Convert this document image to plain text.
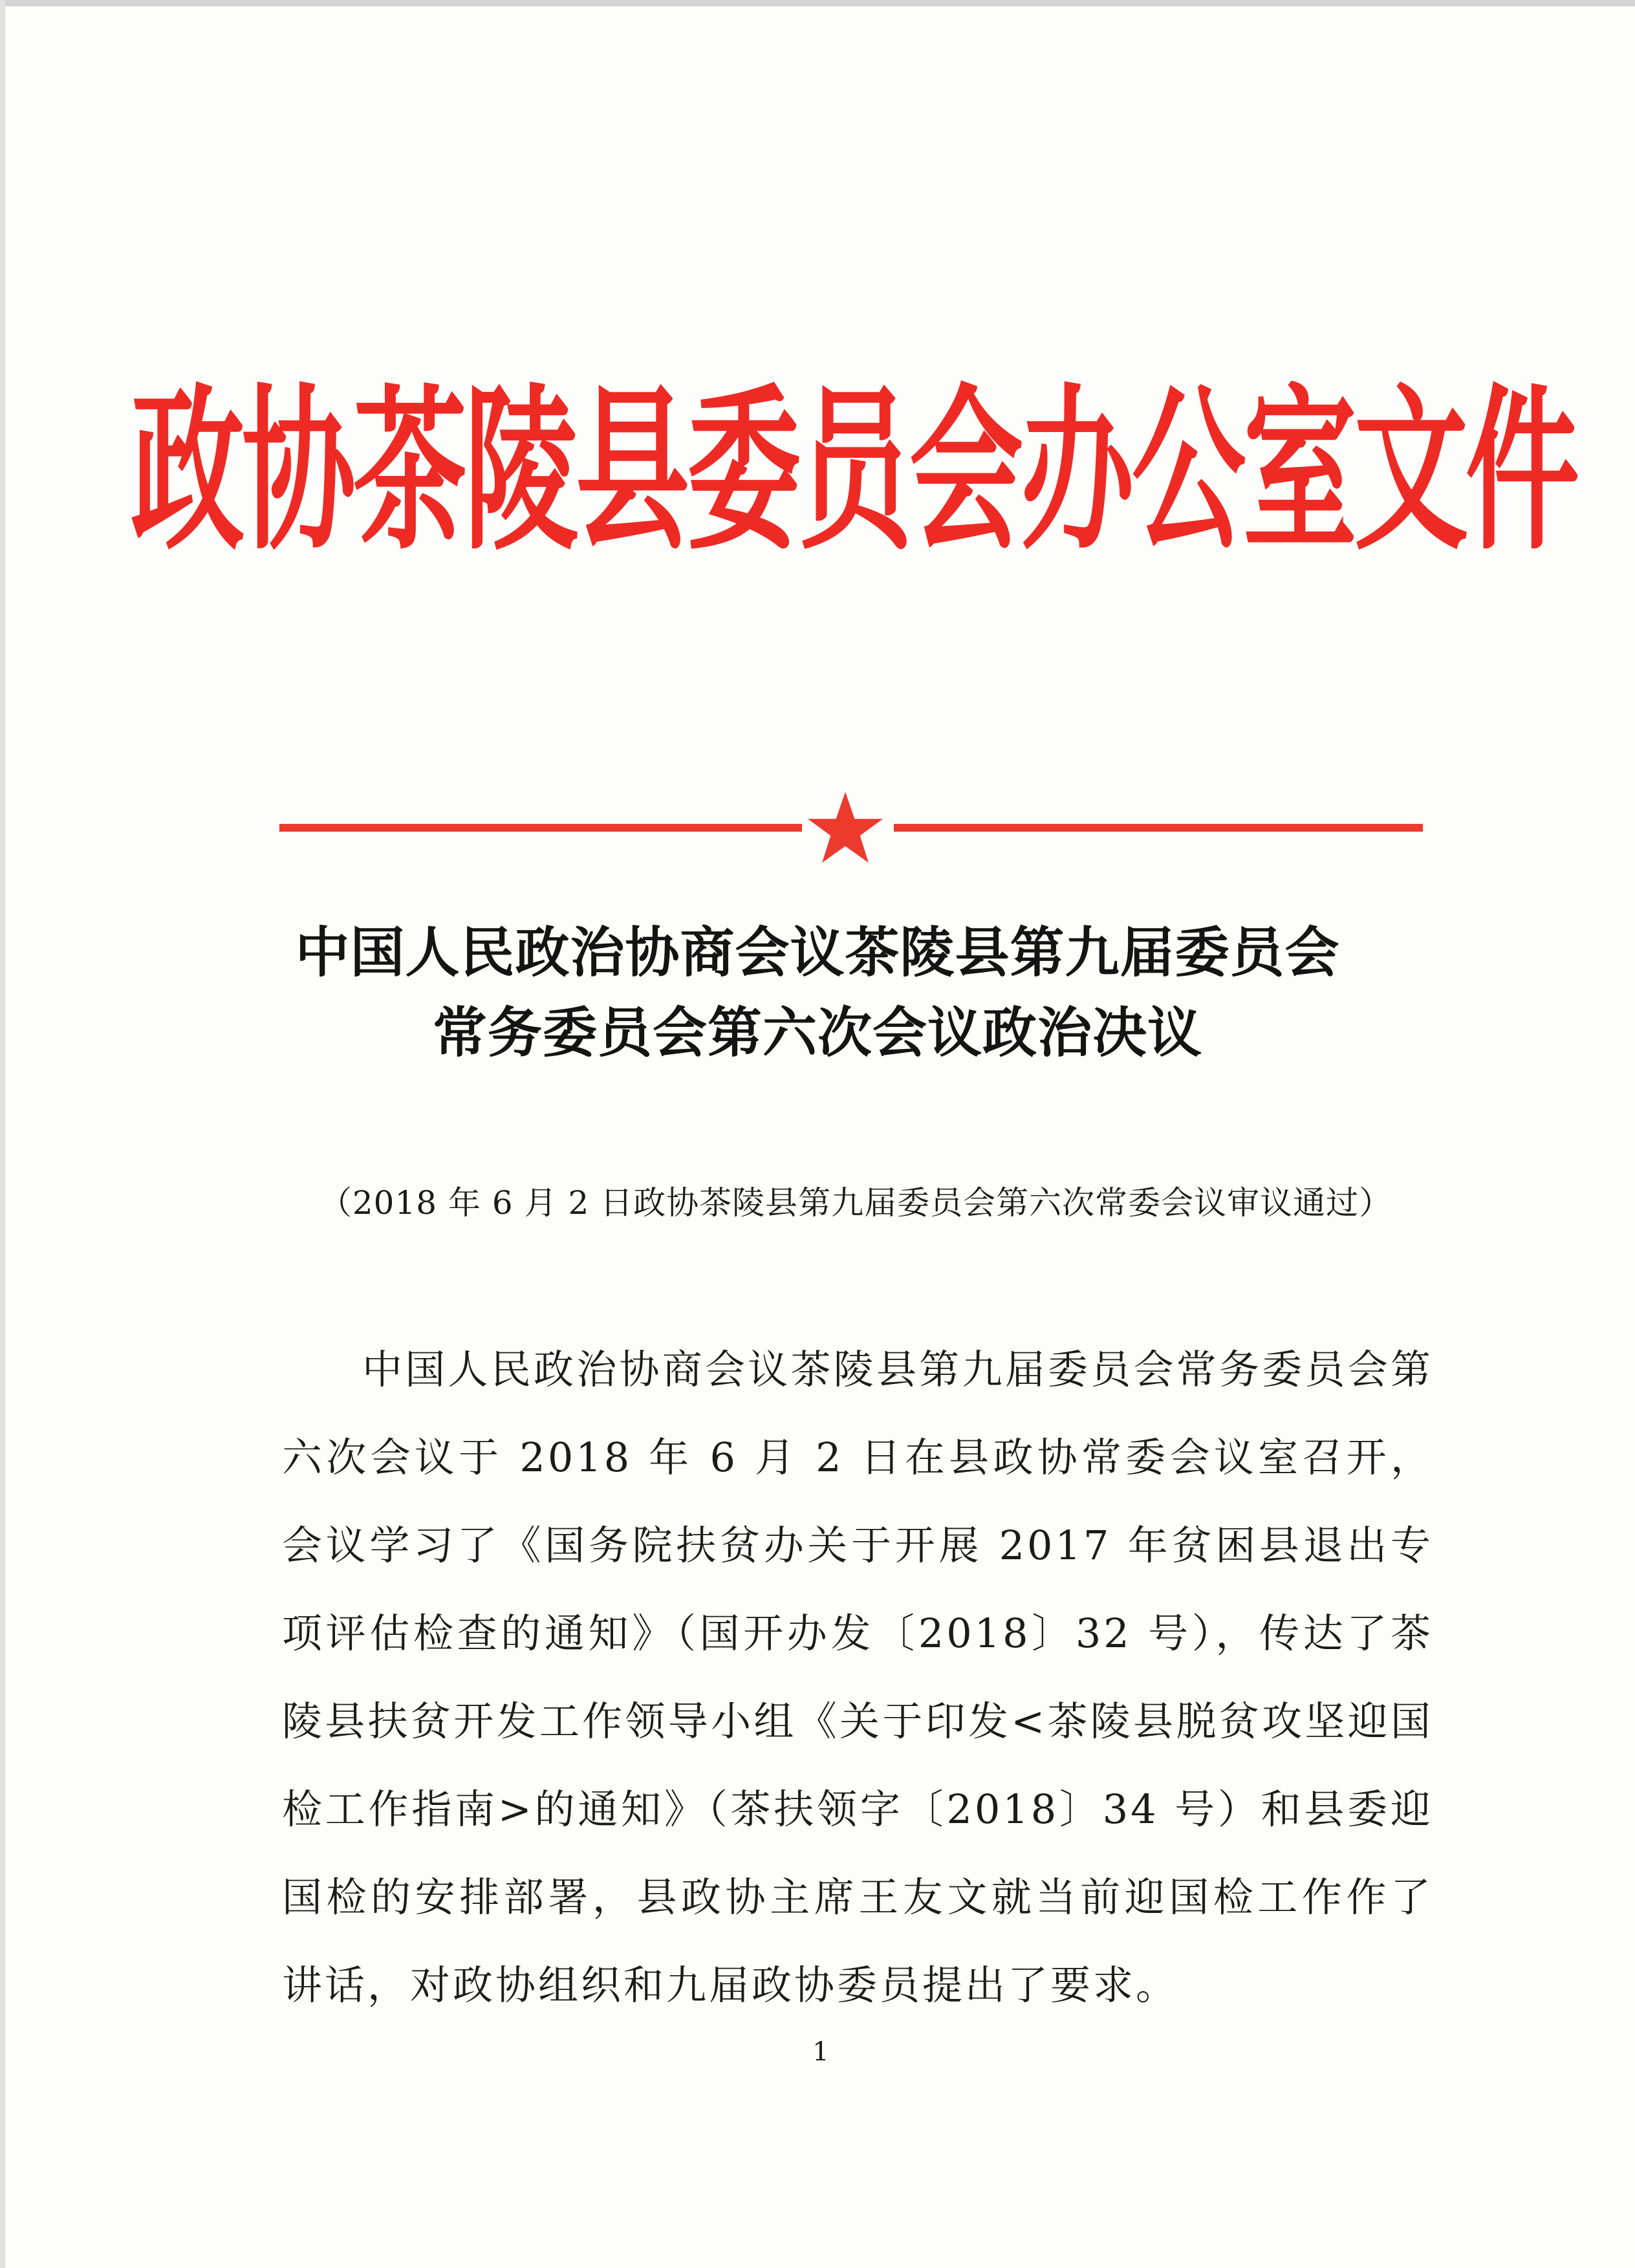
政协茶陵县委员会办公室文件
中国人民政治协商会议茶陵县第九届委员会
常务委员会第六次会议政治决议
（2018 年 6 月 2 日政协茶陵县第九届委员会第六次常委会议审议通过）

中国人民政治协商会议茶陵县第九届委员会常务委员会第六次会议于 2018 年 6 月 2 日在县政协常委会议室召开，会议学习了《国务院扶贫办关于开展 2017 年贫困县退出专项评估检查的通知》（国开办发〔2018〕32 号），传达了茶陵县扶贫开发工作领导小组《关于印发<茶陵县脱贫攻坚迎国检工作指南>的通知》（茶扶领字〔2018〕34 号）和县委迎国检的安排部署，县政协主席王友文就当前迎国检工作作了讲话，对政协组织和九届政协委员提出了要求。

1
